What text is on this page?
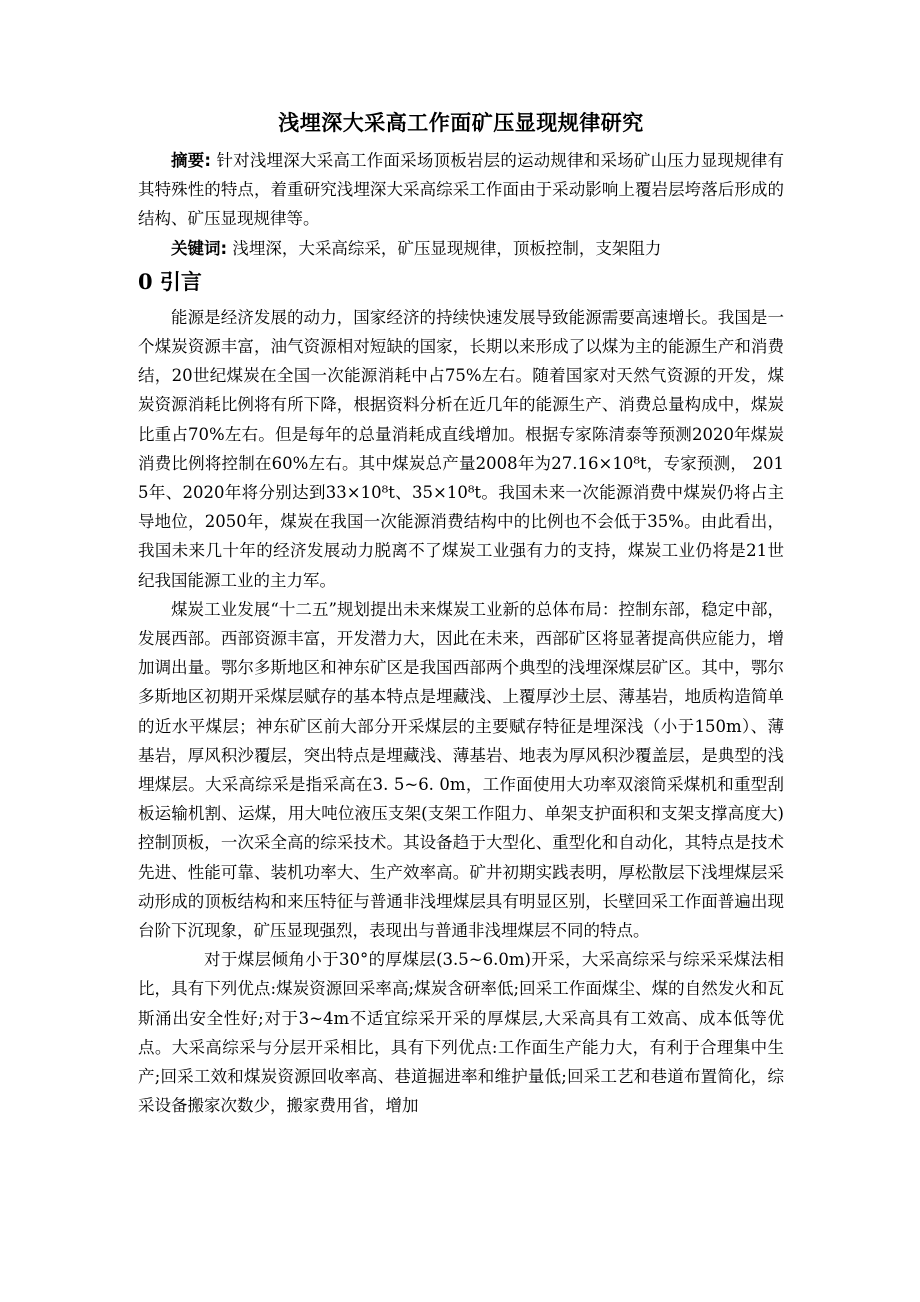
浅埋深大采高工作面矿压显现规律研究

摘要: 针对浅埋深大采高工作面采场顶板岩层的运动规律和采场矿山压力显现规律有其特殊性的特点，着重研究浅埋深大采高综采工作面由于采动影响上覆岩层垮落后形成的结构、矿压显现规律等。

关键词: 浅埋深，大采高综采，矿压显现规律，顶板控制，支架阻力

0 引言

能源是经济发展的动力，国家经济的持续快速发展导致能源需要高速增长。我国是一个煤炭资源丰富，油气资源相对短缺的国家，长期以来形成了以煤为主的能源生产和消费结，20世纪煤炭在全国一次能源消耗中占75%左右。随着国家对天然气资源的开发，煤炭资源消耗比例将有所下降，根据资料分析在近几年的能源生产、消费总量构成中，煤炭比重占70%左右。但是每年的总量消耗成直线增加。根据专家陈清泰等预测2020年煤炭消费比例将控制在60%左右。其中煤炭总产量2008年为27.16×10⁸t，专家预测， 2015年、2020年将分别达到33×10⁸t、35×10⁸t。我国未来一次能源消费中煤炭仍将占主导地位，2050年，煤炭在我国一次能源消费结构中的比例也不会低于35%。由此看出，我国未来几十年的经济发展动力脱离不了煤炭工业强有力的支持，煤炭工业仍将是21世纪我国能源工业的主力军。

煤炭工业发展“十二五”规划提出未来煤炭工业新的总体布局：控制东部，稳定中部，发展西部。西部资源丰富，开发潜力大，因此在未来，西部矿区将显著提高供应能力，增加调出量。鄂尔多斯地区和神东矿区是我国西部两个典型的浅埋深煤层矿区。其中，鄂尔多斯地区初期开采煤层赋存的基本特点是埋藏浅、上覆厚沙土层、薄基岩，地质构造简单的近水平煤层；神东矿区前大部分开采煤层的主要赋存特征是埋深浅（小于150m）、薄基岩，厚风积沙覆层，突出特点是埋藏浅、薄基岩、地表为厚风积沙覆盖层，是典型的浅埋煤层。大采高综采是指采高在3. 5~6. 0m，工作面使用大功率双滚筒采煤机和重型刮板运输机割、运煤，用大吨位液压支架(支架工作阻力、单架支护面积和支架支撑高度大)控制顶板，一次采全高的综采技术。其设备趋于大型化、重型化和自动化，其特点是技术先进、性能可靠、装机功率大、生产效率高。矿井初期实践表明，厚松散层下浅埋煤层采动形成的顶板结构和来压特征与普通非浅埋煤层具有明显区别，长壁回采工作面普遍出现台阶下沉现象，矿压显现强烈，表现出与普通非浅埋煤层不同的特点。

对于煤层倾角小于30°的厚煤层(3.5~6.0m)开采，大采高综采与综采采煤法相比，具有下列优点:煤炭资源回采率高;煤炭含研率低;回采工作面煤尘、煤的自然发火和瓦斯涌出安全性好;对于3~4m不适宜综采开采的厚煤层,大采高具有工效高、成本低等优点。大采高综采与分层开采相比，具有下列优点:工作面生产能力大，有利于合理集中生产;回采工效和煤炭资源回收率高、巷道掘进率和维护量低;回采工艺和巷道布置简化，综采设备搬家次数少，搬家费用省，增加
